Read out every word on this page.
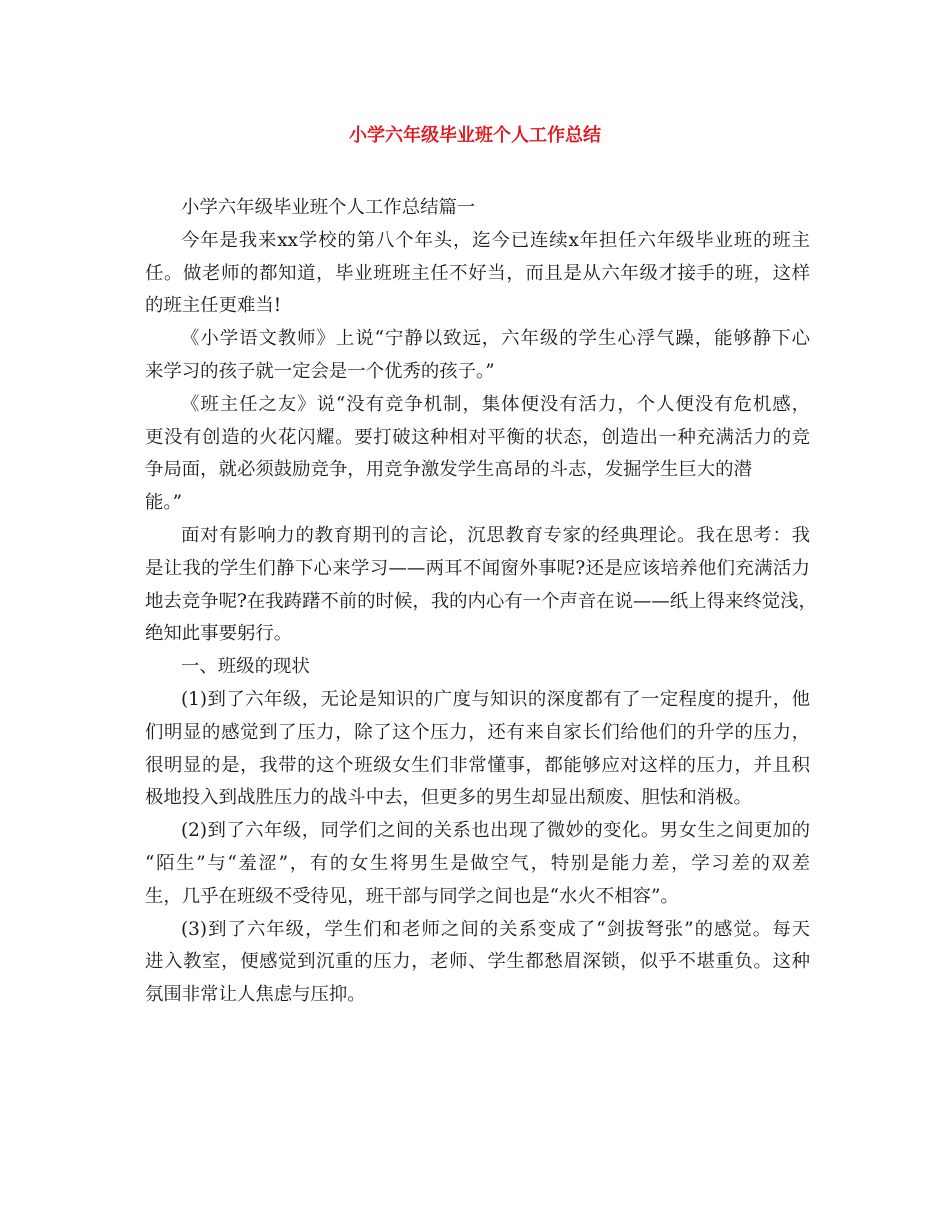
小学六年级毕业班个人工作总结
小学六年级毕业班个人工作总结篇一
今年是我来xx学校的第八个年头，迄今已连续x年担任六年级毕业班的班主
任。做老师的都知道，毕业班班主任不好当，而且是从六年级才接手的班，这样
的班主任更难当!
《小学语文教师》上说“宁静以致远，六年级的学生心浮气躁，能够静下心
来学习的孩子就一定会是一个优秀的孩子。”
《班主任之友》说“没有竞争机制，集体便没有活力，个人便没有危机感，
更没有创造的火花闪耀。要打破这种相对平衡的状态，创造出一种充满活力的竞
争局面，就必须鼓励竞争，用竞争激发学生高昂的斗志，发掘学生巨大的潜
能。”
面对有影响力的教育期刊的言论，沉思教育专家的经典理论。我在思考：我
是让我的学生们静下心来学习——两耳不闻窗外事呢?还是应该培养他们充满活力
地去竞争呢?在我踌躇不前的时候，我的内心有一个声音在说——纸上得来终觉浅，
绝知此事要躬行。
一、班级的现状
(1)到了六年级，无论是知识的广度与知识的深度都有了一定程度的提升，他
们明显的感觉到了压力，除了这个压力，还有来自家长们给他们的升学的压力，
很明显的是，我带的这个班级女生们非常懂事，都能够应对这样的压力，并且积
极地投入到战胜压力的战斗中去，但更多的男生却显出颓废、胆怯和消极。
(2)到了六年级，同学们之间的关系也出现了微妙的变化。男女生之间更加的
“陌生”与“羞涩”，有的女生将男生是做空气，特别是能力差，学习差的双差
生，几乎在班级不受待见，班干部与同学之间也是“水火不相容”。
(3)到了六年级，学生们和老师之间的关系变成了“剑拔弩张”的感觉。每天
进入教室，便感觉到沉重的压力，老师、学生都愁眉深锁，似乎不堪重负。这种
氛围非常让人焦虑与压抑。
